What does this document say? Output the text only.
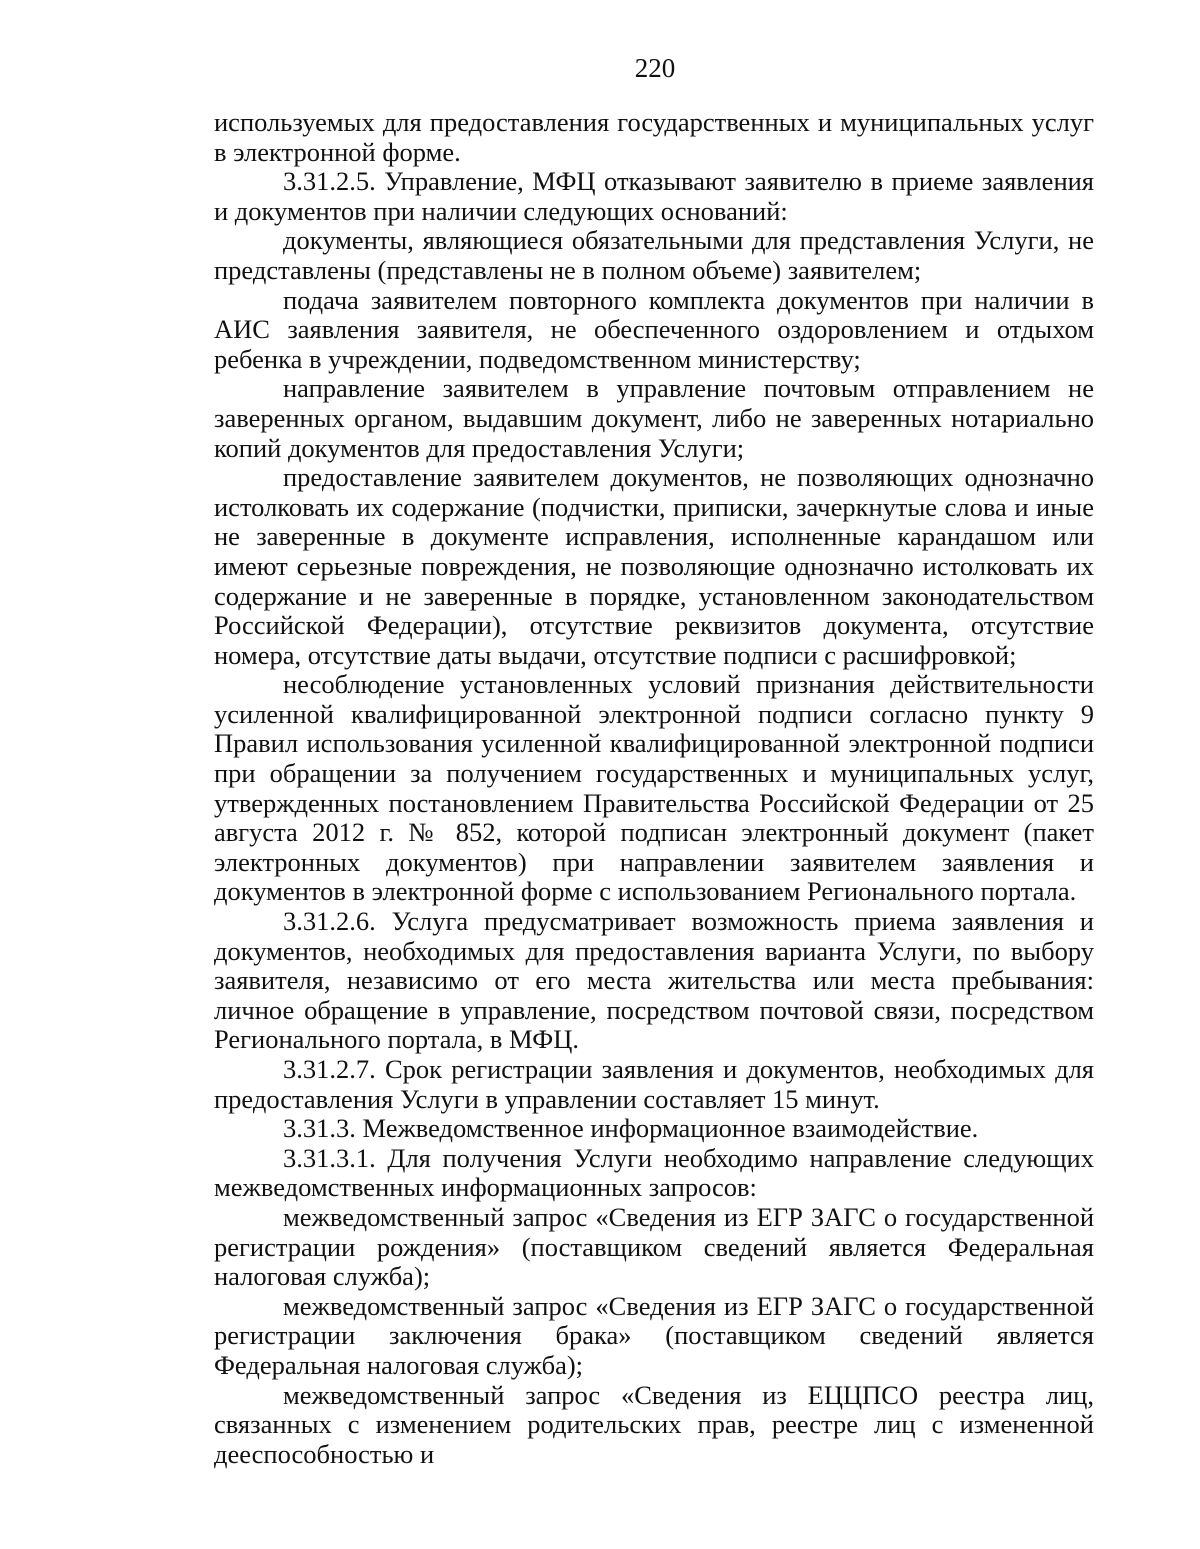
220

используемых для предоставления государственных и муниципальных услуг в электронной форме.

3.31.2.5. Управление, МФЦ отказывают заявителю в приеме заявления и документов при наличии следующих оснований:

документы, являющиеся обязательными для представления Услуги, не представлены (представлены не в полном объеме) заявителем;

подача заявителем повторного комплекта документов при наличии в АИС заявления заявителя, не обеспеченного оздоровлением и отдыхом ребенка в учреждении, подведомственном министерству;

направление заявителем в управление почтовым отправлением не заверенных органом, выдавшим документ, либо не заверенных нотариально копий документов для предоставления Услуги;

предоставление заявителем документов, не позволяющих однозначно истолковать их содержание (подчистки, приписки, зачеркнутые слова и иные не заверенные в документе исправления, исполненные карандашом или имеют серьезные повреждения, не позволяющие однозначно истолковать их содержание и не заверенные в порядке, установленном законодательством Российской Федерации), отсутствие реквизитов документа, отсутствие номера, отсутствие даты выдачи, отсутствие подписи с расшифровкой;

несоблюдение установленных условий признания действительности усиленной квалифицированной электронной подписи согласно пункту 9 Правил использования усиленной квалифицированной электронной подписи при обращении за получением государственных и муниципальных услуг, утвержденных постановлением Правительства Российской Федерации от 25 августа 2012 г. № 852, которой подписан электронный документ (пакет электронных документов) при направлении заявителем заявления и документов в электронной форме с использованием Регионального портала.

3.31.2.6. Услуга предусматривает возможность приема заявления и документов, необходимых для предоставления варианта Услуги, по выбору заявителя, независимо от его места жительства или места пребывания: личное обращение в управление, посредством почтовой связи, посредством Регионального портала, в МФЦ.

3.31.2.7. Срок регистрации заявления и документов, необходимых для предоставления Услуги в управлении составляет 15 минут.

3.31.3. Межведомственное информационное взаимодействие.

3.31.3.1. Для получения Услуги необходимо направление следующих межведомственных информационных запросов:

межведомственный запрос «Сведения из ЕГР ЗАГС о государственной регистрации рождения» (поставщиком сведений является Федеральная налоговая служба);

межведомственный запрос «Сведения из ЕГР ЗАГС о государственной регистрации заключения брака» (поставщиком сведений является Федеральная налоговая служба);

межведомственный запрос «Сведения из ЕЦЦПСО реестра лиц, связанных с изменением родительских прав, реестре лиц с измененной дееспособностью и
